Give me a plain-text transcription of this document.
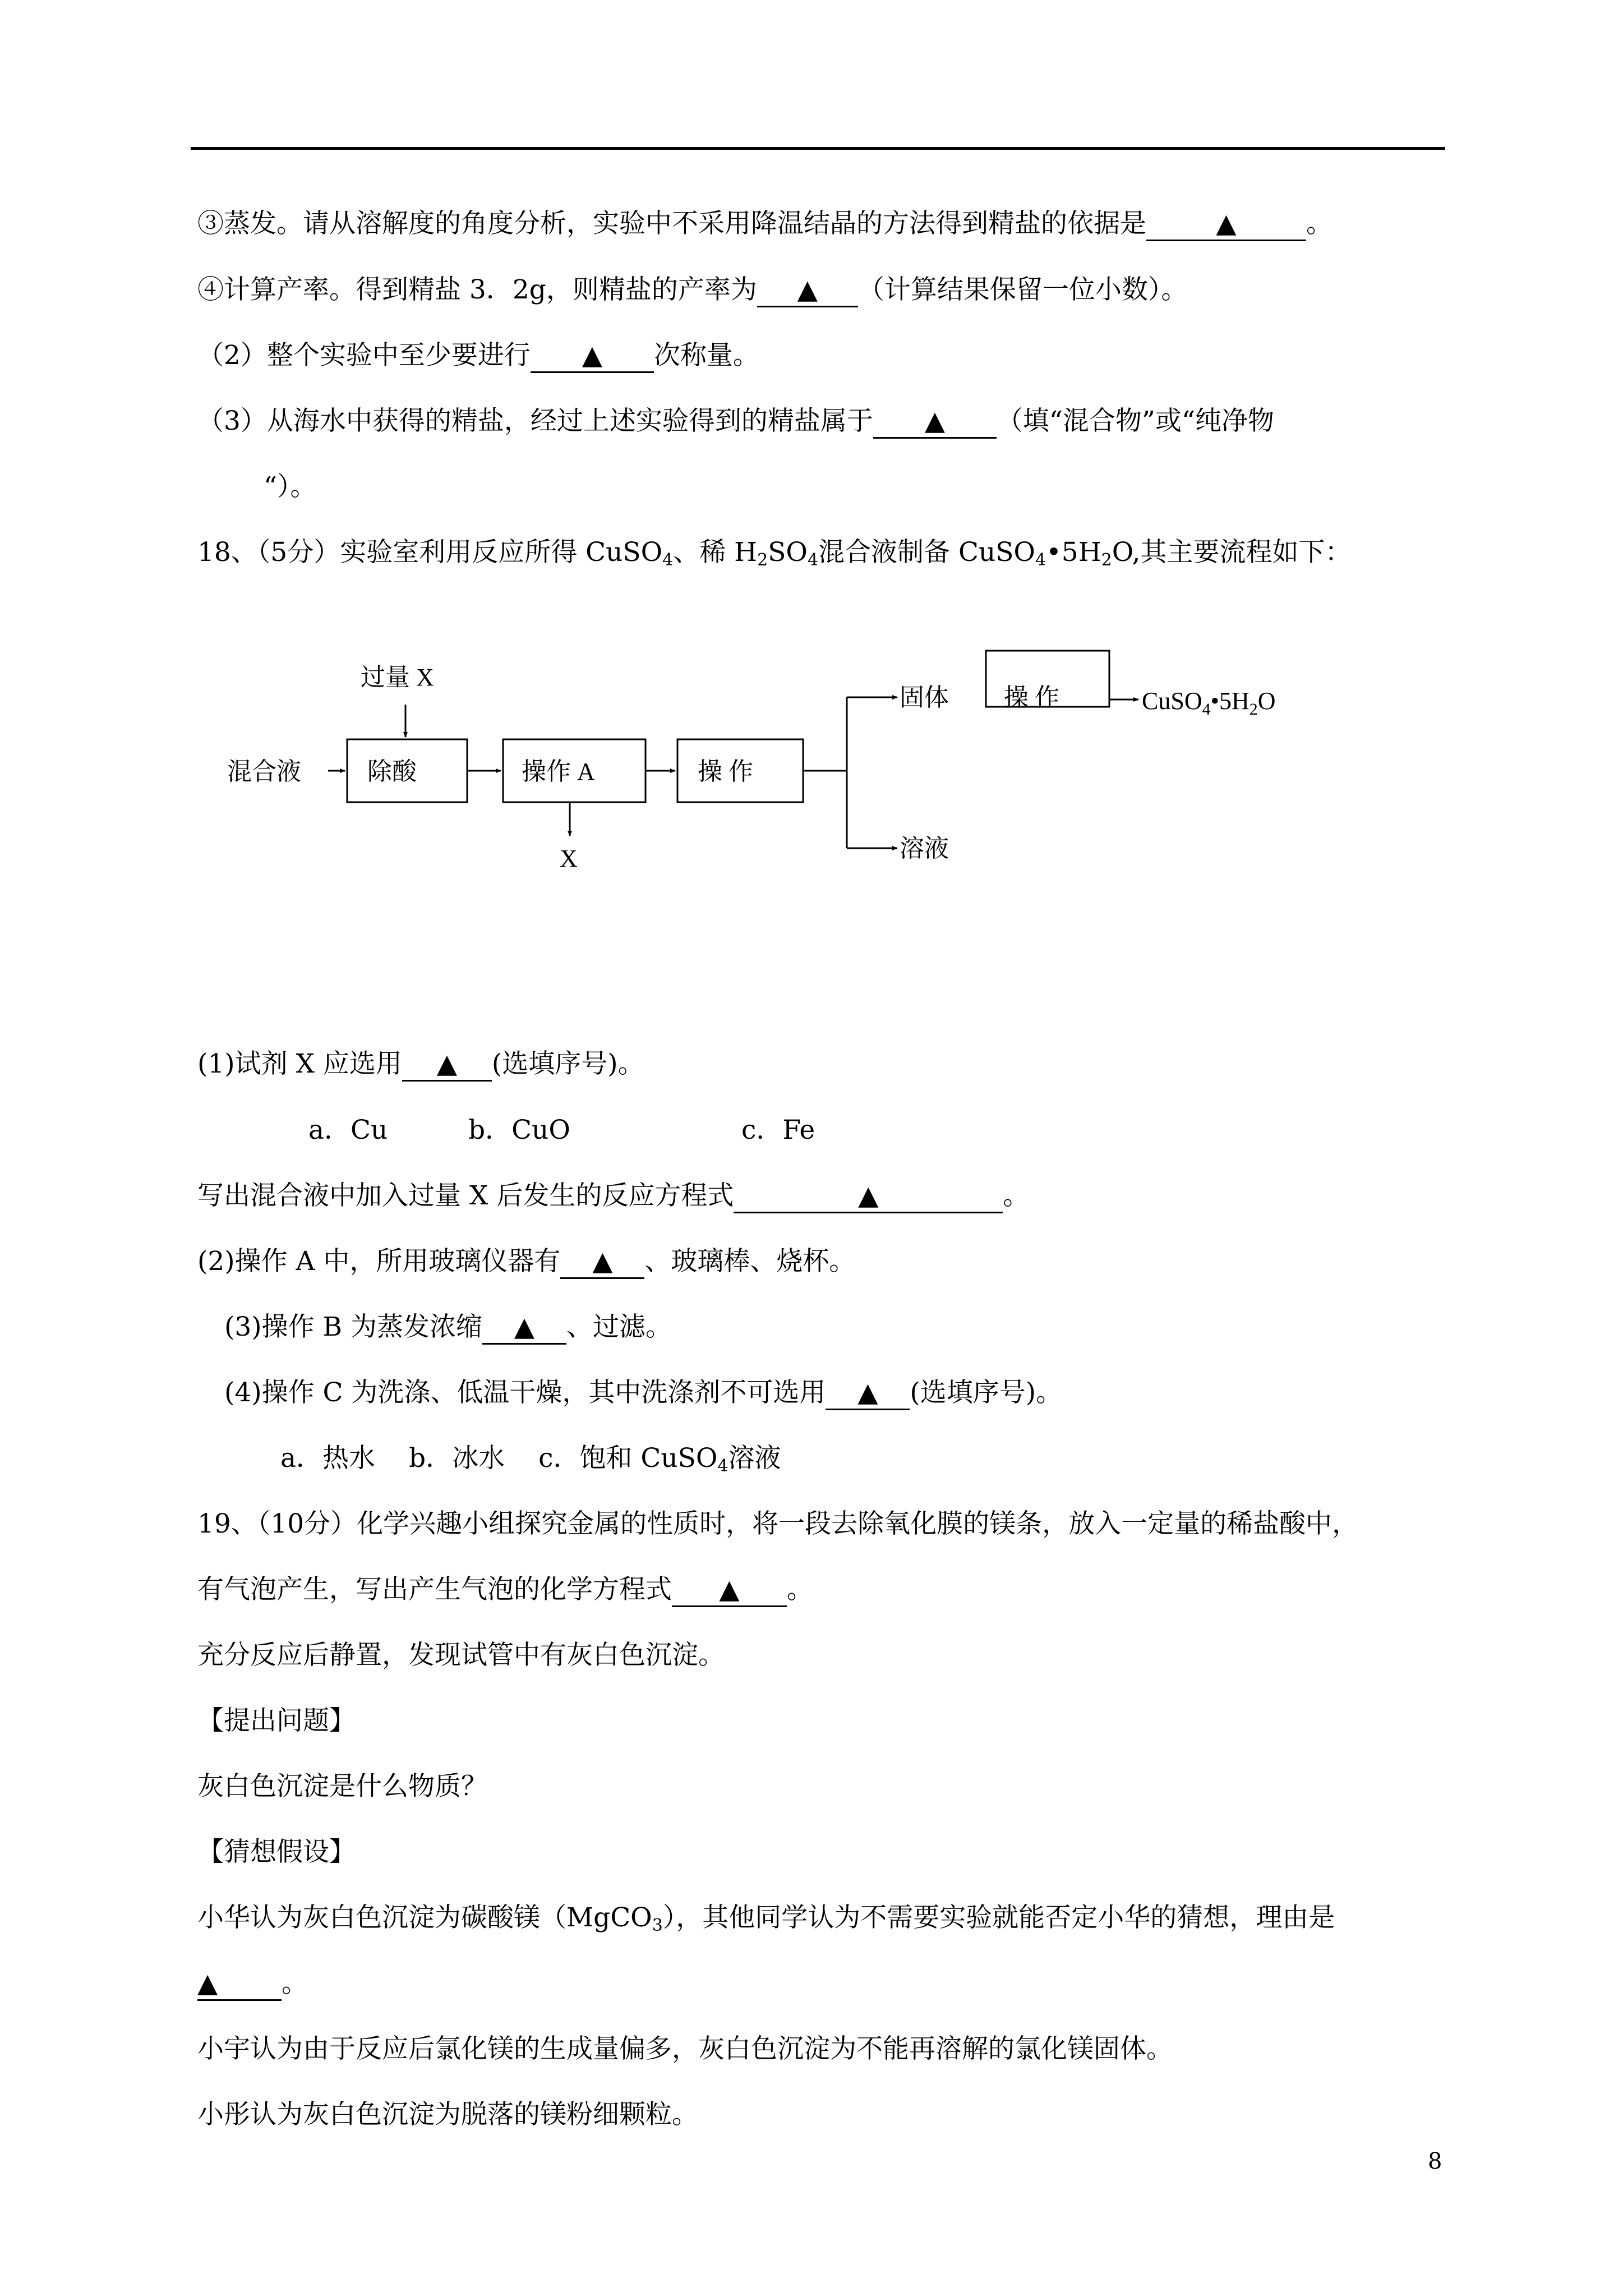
③蒸发。请从溶解度的角度分析，实验中不采用降温结晶的方法得到精盐的依据是	▲	。
④计算产率。得到精盐 3．2g，则精盐的产率为 ▲ （计算结果保留一位小数）。
（2）整个实验中至少要进行 ▲ 次称量。
（3）从海水中获得的精盐，经过上述实验得到的精盐属于 ▲ （填“混合物”或“纯净物
“）。
18、（5分）实验室利用反应所得 CuSO$_4$、稀 $H_2SO_4$混合液制备 $CuSO_4•5H_2O$,其主要流程如下：
混合液
过量 X
除酸	操作 A
X
操 作
固体 操 作	$CuSO_4•5H_2O$
溶液
(1)试剂 X 应选用 ▲ (选填序号)。
a．Cu	b．CuO	c．Fe
写出混合液中加入过量 X 后发生的反应方程式	▲	。
(2)操作 A 中，所用玻璃仪器有 ▲ 、玻璃棒、烧杯。
(3)操作 B 为蒸发浓缩 ▲ 、过滤。
(4)操作 C 为洗涤、低温干燥，其中洗涤剂不可选用 ▲ (选填序号)。
a．热水 b．冰水 c．饱和 CuSO$_4$溶液
19、（10分）化学兴趣小组探究金属的性质时，将一段去除氧化膜的镁条，放入一定量的稀盐酸中，
有气泡产生，写出产生气泡的化学方程式 ▲ 。
充分反应后静置，发现试管中有灰白色沉淀。
【提出问题】
灰白色沉淀是什么物质？
【猜想假设】
小华认为灰白色沉淀为碳酸镁（MgCO$_3$），其他同学认为不需要实验就能否定小华的猜想，理由是
▲ 。
小宇认为由于反应后氯化镁的生成量偏多，灰白色沉淀为不能再溶解的氯化镁固体。
小彤认为灰白色沉淀为脱落的镁粉细颗粒。
8
